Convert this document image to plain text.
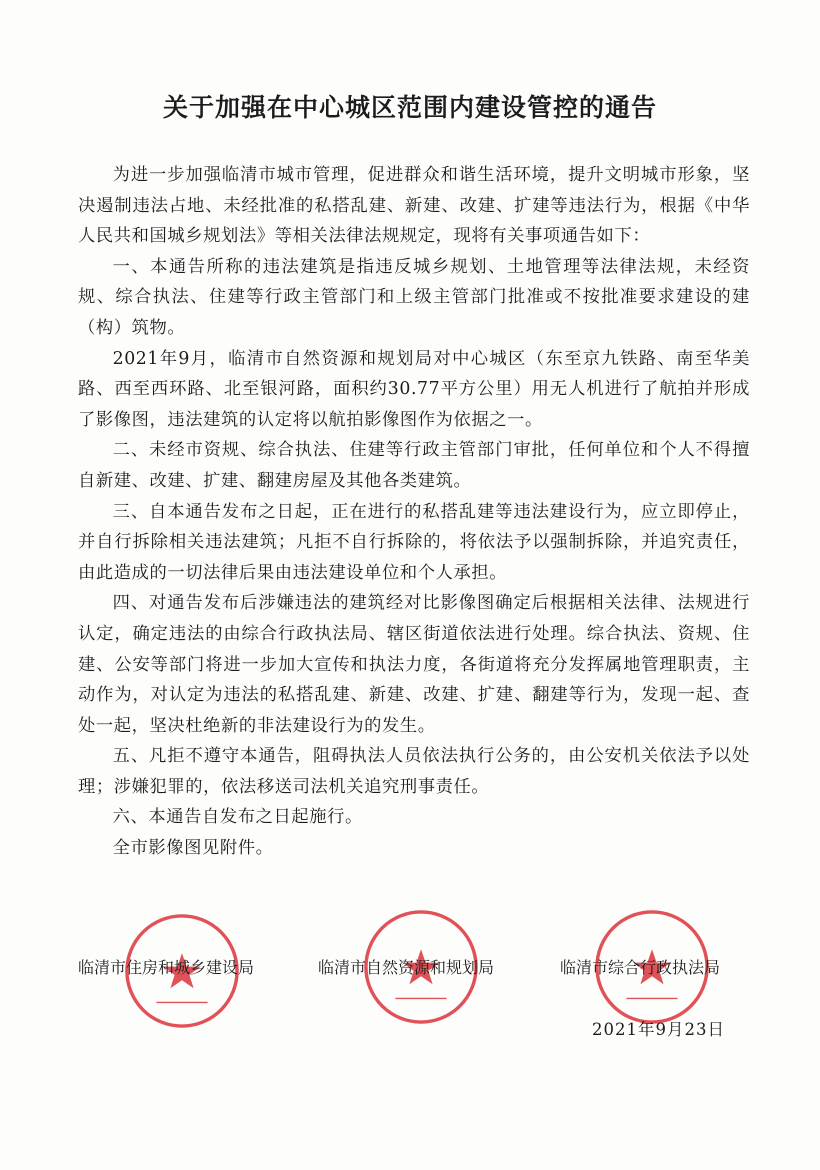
关于加强在中心城区范围内建设管控的通告

为进一步加强临清市城市管理，促进群众和谐生活环境，提升文明城市形象，坚决遏制违法占地、未经批准的私搭乱建、新建、改建、扩建等违法行为，根据《中华人民共和国城乡规划法》等相关法律法规规定，现将有关事项通告如下：

一、本通告所称的违法建筑是指违反城乡规划、土地管理等法律法规，未经资规、综合执法、住建等行政主管部门和上级主管部门批准或不按批准要求建设的建（构）筑物。

2021年9月，临清市自然资源和规划局对中心城区（东至京九铁路、南至华美路、西至西环路、北至银河路，面积约30.77平方公里）用无人机进行了航拍并形成了影像图，违法建筑的认定将以航拍影像图作为依据之一。

二、未经市资规、综合执法、住建等行政主管部门审批，任何单位和个人不得擅自新建、改建、扩建、翻建房屋及其他各类建筑。

三、自本通告发布之日起，正在进行的私搭乱建等违法建设行为，应立即停止，并自行拆除相关违法建筑；凡拒不自行拆除的，将依法予以强制拆除，并追究责任，由此造成的一切法律后果由违法建设单位和个人承担。

四、对通告发布后涉嫌违法的建筑经对比影像图确定后根据相关法律、法规进行认定，确定违法的由综合行政执法局、辖区街道依法进行处理。综合执法、资规、住建、公安等部门将进一步加大宣传和执法力度，各街道将充分发挥属地管理职责，主动作为，对认定为违法的私搭乱建、新建、改建、扩建、翻建等行为，发现一起、查处一起，坚决杜绝新的非法建设行为的发生。

五、凡拒不遵守本通告，阻碍执法人员依法执行公务的，由公安机关依法予以处理；涉嫌犯罪的，依法移送司法机关追究刑事责任。

六、本通告自发布之日起施行。

全市影像图见附件。

临清市住房和城乡建设局	临清市自然资源和规划局	临清市综合行政执法局
2021年9月23日
